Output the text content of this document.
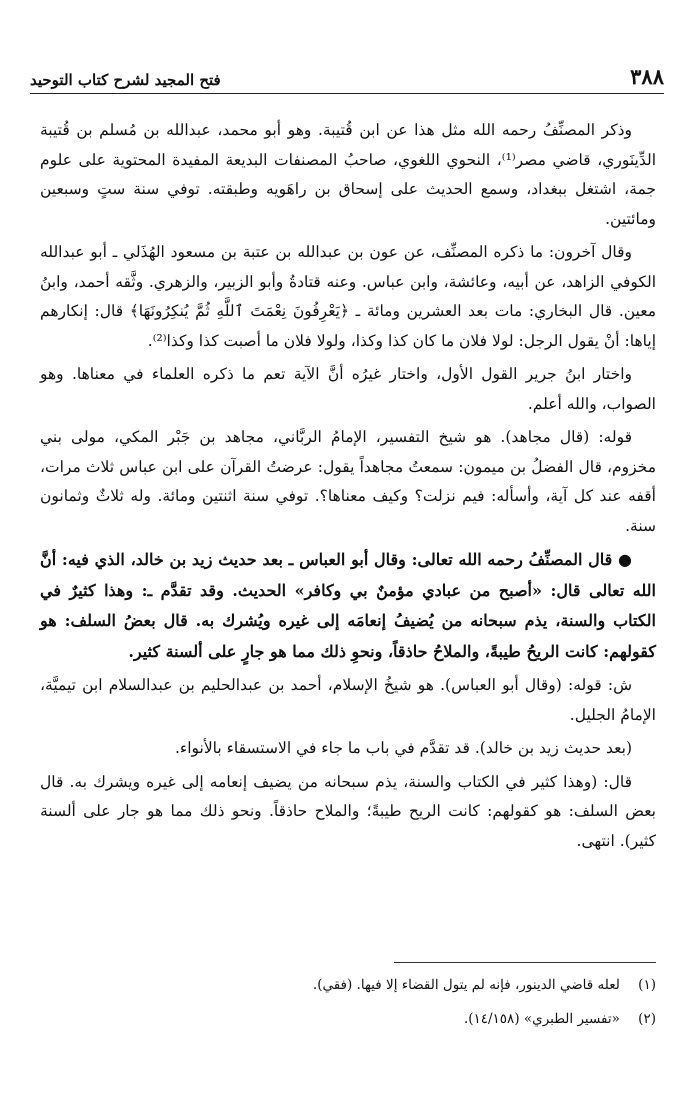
٣٨٨
فتح المجيد لشرح كتاب التوحيد

وذكر المصنِّفُ رحمه الله مثل هذا عن ابن قُتيبة. وهو أبو محمد، عبدالله بن مُسلم بن قُتيبة الدِّينَوري، قاضي مصر⁽¹⁾، النحوي اللغوي، صاحبُ المصنفات البديعة المفيدة المحتوية على علوم جمة، اشتغل ببغداد، وسمع الحديث على إسحاق بن راهَويه وطبقته. توفي سنة ستٍ وسبعين ومائتين.

وقال آخرون: ما ذكره المصنِّف، عن عون بن عبدالله بن عتبة بن مسعود الهُذَلي ـ أبو عبدالله الكوفي الزاهد، عن أبيه، وعائشة، وابن عباس. وعنه قتادةُ وأبو الزبير، والزهري. وثَّقه أحمد، وابنُ معين. قال البخاري: مات بعد العشرين ومائة ـ ﴿يَعْرِفُونَ نِعْمَتَ ٱللَّهِ ثُمَّ يُنكِرُونَهَا﴾ قال: إنكارهم إياها: أنْ يقول الرجل: لولا فلان ما كان كذا وكذا، ولولا فلان ما أصبت كذا وكذا⁽²⁾.

واختار ابنُ جرير القول الأول، واختار غيرُه أنَّ الآية تعم ما ذكره العلماء في معناها. وهو الصواب، والله أعلم.

قوله: (قال مجاهد). هو شيخ التفسير، الإمامُ الربَّاني، مجاهد بن جَبْر المكي، مولى بني مخزوم، قال الفضلُ بن ميمون: سمعتُ مجاهداً يقول: عرضتُ القرآن على ابن عباس ثلاث مرات، أقفه عند كل آية، وأسأله: فيم نزلت؟ وكيف معناها؟. توفي سنة اثنتين ومائة. وله ثلاثٌ وثمانون سنة.

● قال المصنِّفُ رحمه الله تعالى: وقال أبو العباس ـ بعد حديث زيد بن خالد، الذي فيه: أنَّ الله تعالى قال: «أصبح من عبادي مؤمنٌ بي وكافر» الحديث. وقد تقدَّم ـ: وهذا كثيرٌ في الكتاب والسنة، يذم سبحانه من يُضيفُ إنعامَه إلى غيره ويُشرك به. قال بعضُ السلف: هو كقولهم: كانت الريحُ طيبةً، والملاحُ حاذقاً، ونحوِ ذلك مما هو جارٍ على ألسنة كثير.

ش: قوله: (وقال أبو العباس). هو شيخُ الإسلام، أحمد بن عبدالحليم بن عبدالسلام ابن تيميَّة، الإمامُ الجليل.

(بعد حديث زيد بن خالد). قد تقدَّم في باب ما جاء في الاستسقاء بالأنواء.

قال: (وهذا كثير في الكتاب والسنة، يذم سبحانه من يضيف إنعامه إلى غيره ويشرك به. قال بعض السلف: هو كقولهم: كانت الريح طيبةً؛ والملاح حاذقاً. ونحو ذلك مما هو جار على ألسنة كثير). انتهى.

(١) لعله قاضي الدينور، فإنه لم يتول القضاء إلا فيها. (فقي).
(٢) «تفسير الطبري» (١٤/١٥٨).
